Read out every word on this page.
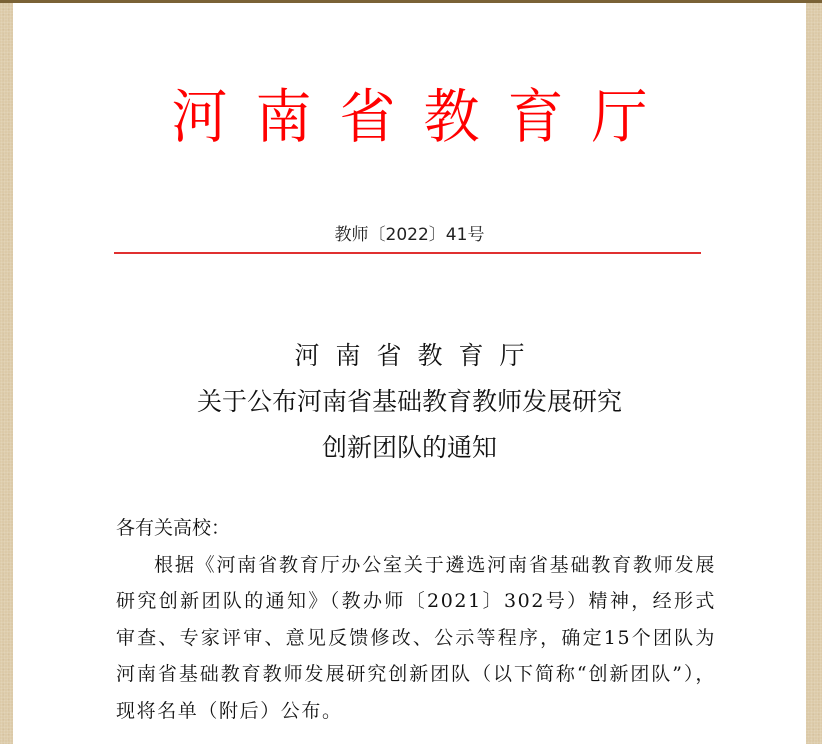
河南省教育厅
教师〔2022〕41号
河南省教育厅
关于公布河南省基础教育教师发展研究
创新团队的通知

各有关高校：

根据《河南省教育厅办公室关于遴选河南省基础教育教师发展研究创新团队的通知》（教办师〔2021〕302号）精神，经形式审查、专家评审、意见反馈修改、公示等程序，确定15个团队为河南省基础教育教师发展研究创新团队（以下简称“创新团队”），现将名单（附后）公布。
